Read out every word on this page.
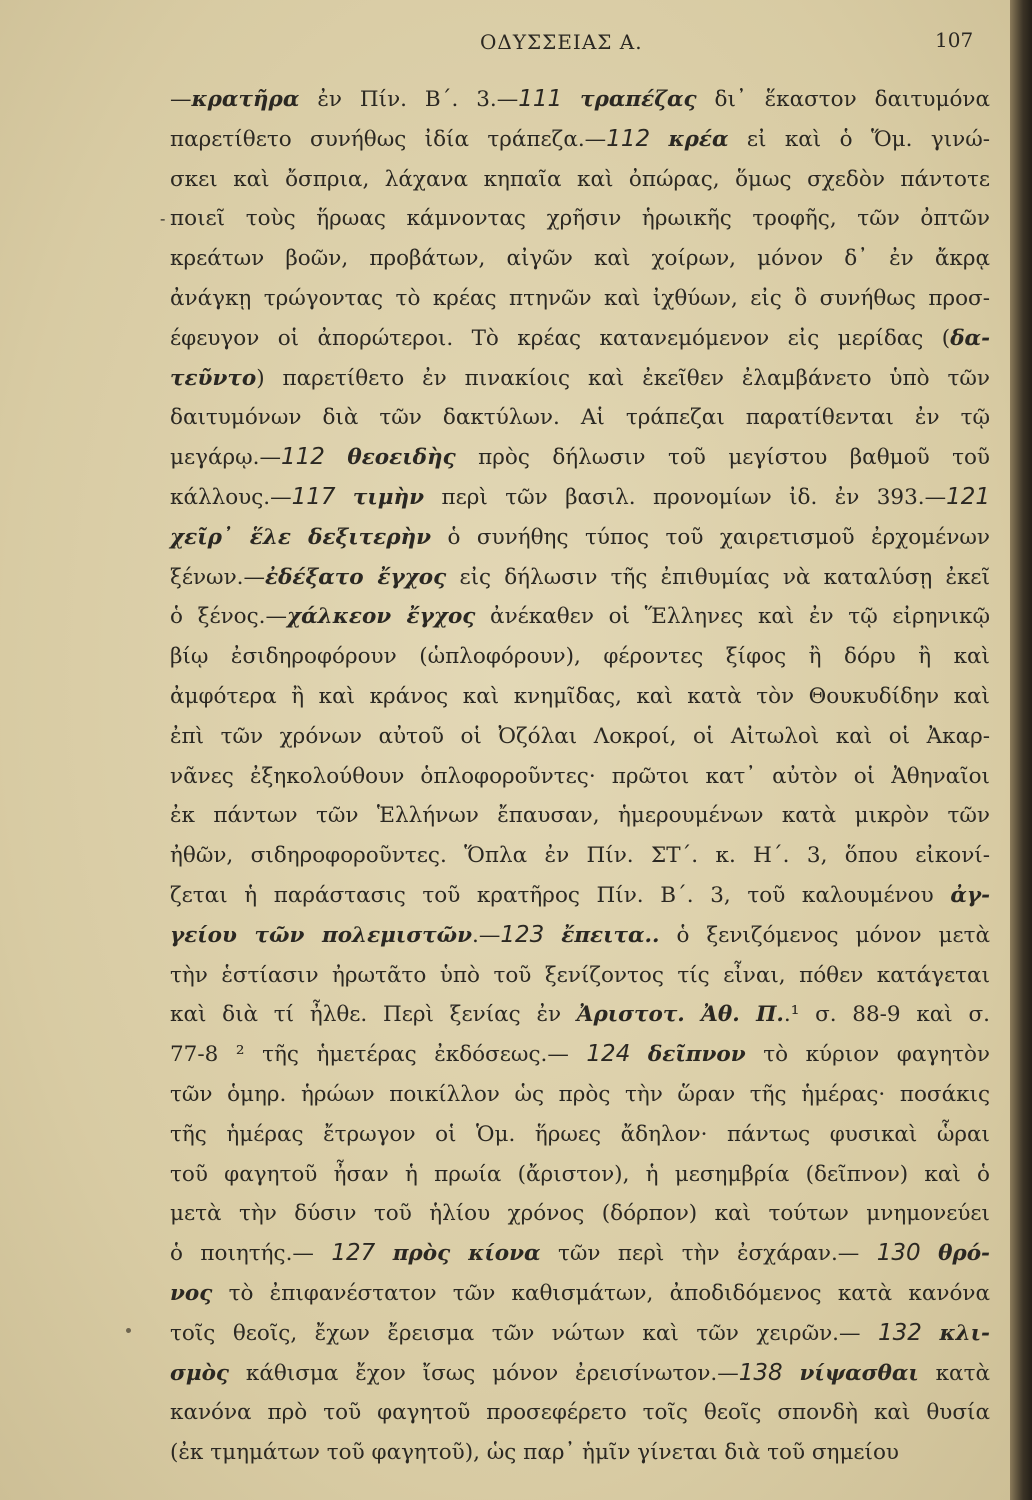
ΟΔΥΣΣΕΙΑΣ Α.	107
-
—κρατῆρα ἐν Πίν. Β΄. 3.—111 τραπέζας δι᾽ ἕκαστον δαιτυμόνα
παρετίθετο συνήθως ἰδία τράπεζα.—112 κρέα εἰ καὶ ὁ Ὅμ. γινώ-
σκει καὶ ὄσπρια, λάχανα κηπαῖα καὶ ὀπώρας, ὅμως σχεδὸν πάντοτε
ποιεῖ τοὺς ἥρωας κάμνοντας χρῆσιν ἡρωικῆς τροφῆς, τῶν ὀπτῶν
κρεάτων βοῶν, προβάτων, αἰγῶν καὶ χοίρων, μόνον δ᾽ ἐν ἄκρᾳ
ἀνάγκῃ τρώγοντας τὸ κρέας πτηνῶν καὶ ἰχθύων, εἰς ὃ συνήθως προσ-
έφευγον οἱ ἀπορώτεροι. Τὸ κρέας κατανεμόμενον εἰς μερίδας (δα-
τεῦντο) παρετίθετο ἐν πινακίοις καὶ ἐκεῖθεν ἐλαμβάνετο ὑπὸ τῶν
δαιτυμόνων διὰ τῶν δακτύλων. Αἱ τράπεζαι παρατίθενται ἐν τῷ
μεγάρῳ.—112 θεοειδὴς πρὸς δήλωσιν τοῦ μεγίστου βαθμοῦ τοῦ
κάλλους.—117 τιμὴν περὶ τῶν βασιλ. προνομίων ἰδ. ἐν 393.—121
χεῖρ᾽ ἕλε δεξιτερὴν ὁ συνήθης τύπος τοῦ χαιρετισμοῦ ἐρχομένων
ξένων.—ἐδέξατο ἔγχος εἰς δήλωσιν τῆς ἐπιθυμίας νὰ καταλύσῃ ἐκεῖ
ὁ ξένος.—χάλκεον ἔγχος ἀνέκαθεν οἱ Ἕλληνες καὶ ἐν τῷ εἰρηνικῷ
βίῳ ἐσιδηροφόρουν (ὡπλοφόρουν), φέροντες ξίφος ἢ δόρυ ἢ καὶ
ἀμφότερα ἢ καὶ κράνος καὶ κνημῖδας, καὶ κατὰ τὸν Θουκυδίδην καὶ
ἐπὶ τῶν χρόνων αὐτοῦ οἱ Ὀζόλαι Λοκροί, οἱ Αἰτωλοὶ καὶ οἱ Ἀκαρ-
νᾶνες ἐξηκολούθουν ὁπλοφοροῦντες· πρῶτοι κατ᾽ αὐτὸν οἱ Ἀθηναῖοι
ἐκ πάντων τῶν Ἑλλήνων ἔπαυσαν, ἡμερουμένων κατὰ μικρὸν τῶν
ἠθῶν, σιδηροφοροῦντες. Ὅπλα ἐν Πίν. ΣΤ΄. κ. Η΄. 3, ὅπου εἰκονί-
ζεται ἡ παράστασις τοῦ κρατῆρος Πίν. Β΄. 3, τοῦ καλουμένου ἀγ-
γείου τῶν πολεμιστῶν.—123 ἔπειτα.. ὁ ξενιζόμενος μόνον μετὰ
τὴν ἑστίασιν ἠρωτᾶτο ὑπὸ τοῦ ξενίζοντος τίς εἶναι, πόθεν κατάγεται
καὶ διὰ τί ἦλθε. Περὶ ξενίας ἐν Ἀριστοτ. Ἀθ. Π..¹ σ. 88-9 καὶ σ.
77-8 ² τῆς ἡμετέρας ἐκδόσεως.— 124 δεῖπνον τὸ κύριον φαγητὸν
τῶν ὁμηρ. ἡρώων ποικίλλον ὡς πρὸς τὴν ὥραν τῆς ἡμέρας· ποσάκις
τῆς ἡμέρας ἔτρωγον οἱ Ὁμ. ἥρωες ἄδηλον· πάντως φυσικαὶ ὧραι
τοῦ φαγητοῦ ἦσαν ἡ πρωία (ἄριστον), ἡ μεσημβρία (δεῖπνον) καὶ ὁ
μετὰ τὴν δύσιν τοῦ ἡλίου χρόνος (δόρπον) καὶ τούτων μνημονεύει
ὁ ποιητής.— 127 πρὸς κίονα τῶν περὶ τὴν ἐσχάραν.— 130 θρό-
νος τὸ ἐπιφανέστατον τῶν καθισμάτων, ἀποδιδόμενος κατὰ κανόνα
τοῖς θεοῖς, ἔχων ἔρεισμα τῶν νώτων καὶ τῶν χειρῶν.— 132 κλι-
σμὸς κάθισμα ἔχον ἴσως μόνον ἐρεισίνωτον.—138 νίψασθαι κατὰ
κανόνα πρὸ τοῦ φαγητοῦ προσεφέρετο τοῖς θεοῖς σπονδὴ καὶ θυσία
(ἐκ τμημάτων τοῦ φαγητοῦ), ὡς παρ᾽ ἡμῖν γίνεται διὰ τοῦ σημείου
